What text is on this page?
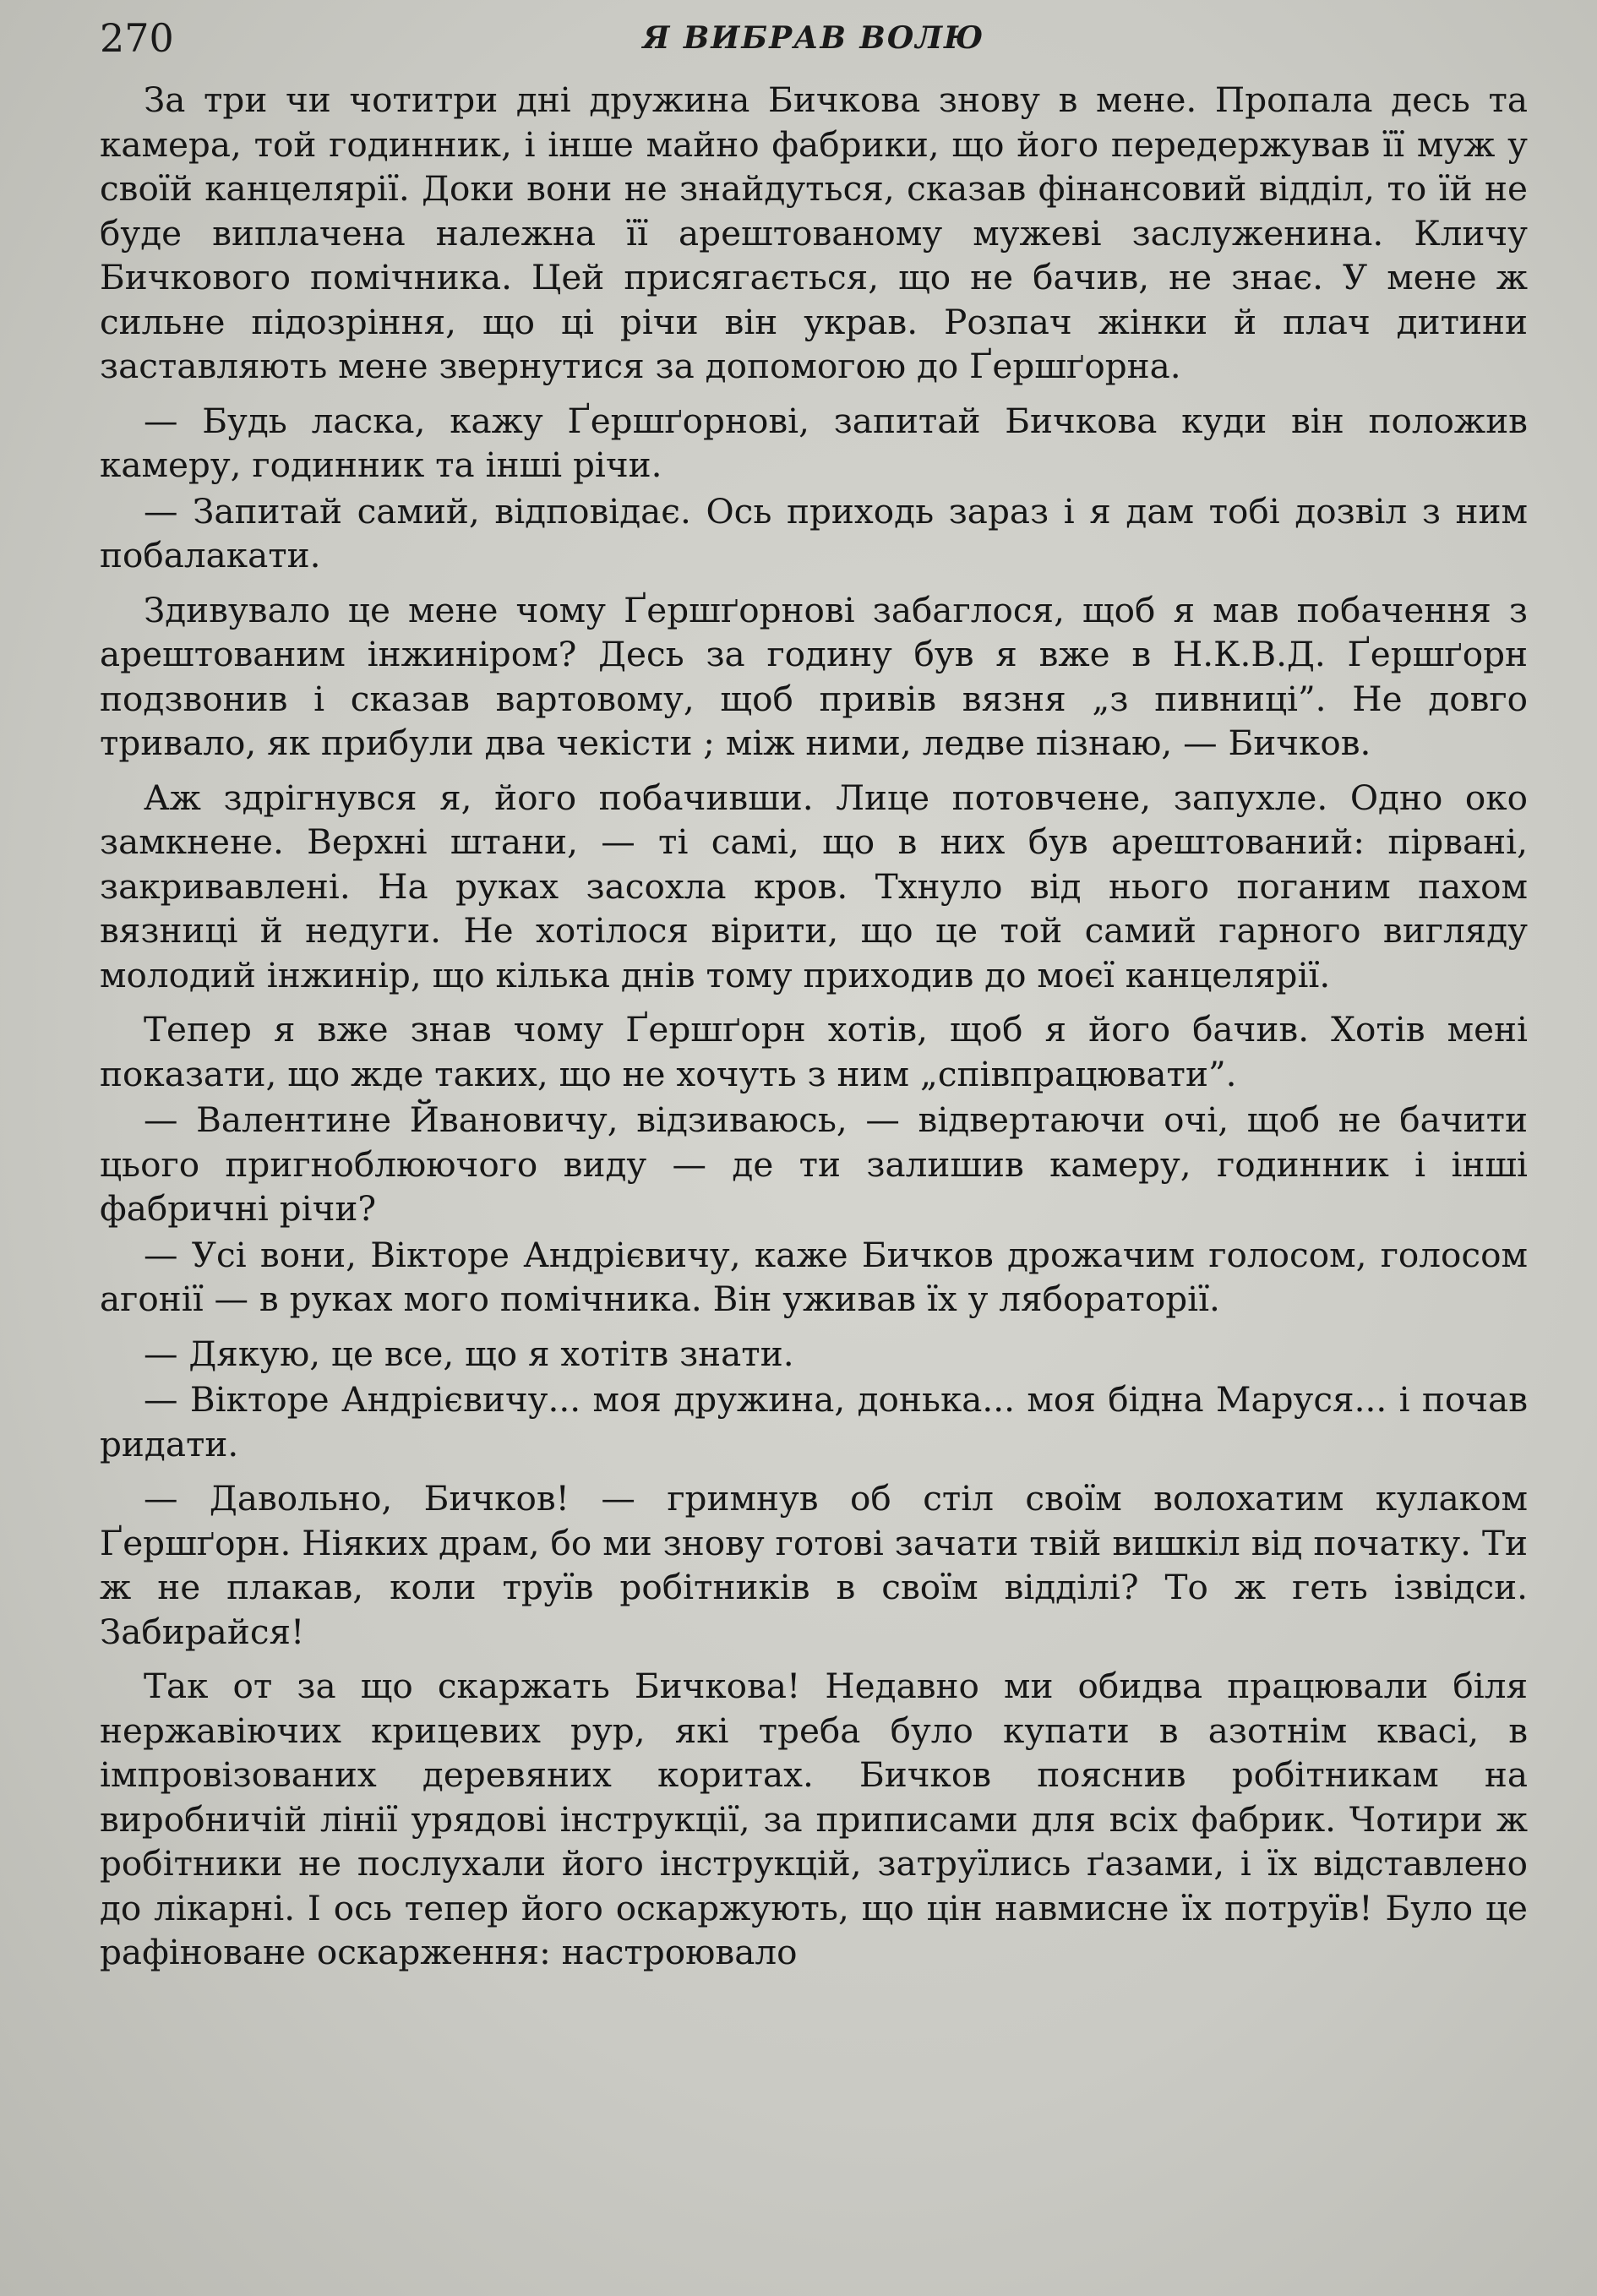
270	Я ВИБРАВ ВОЛЮ

За три чи чотитри дні дружина Бичкова знову в мене. Пропала десь та камера, той годинник, і інше майно фабрики, що його передержував її муж у своїй канцелярії. Доки вони не знайдуться, сказав фінансовий відділ, то їй не буде виплачена належна її арештованому мужеві заслуженина. Кличу Бичкового помічника. Цей присягається, що не бачив, не знає. У мене ж сильне підозріння, що ці річи він украв. Розпач жінки й плач дитини заставляють мене звернутися за допомогою до Ґершґорна.

— Будь ласка, кажу Ґершґорнові, запитай Бичкова куди він положив камеру, годинник та інші річи.

— Запитай самий, відповідає. Ось приходь зараз і я дам тобі дозвіл з ним побалакати.

Здивувало це мене чому Ґершґорнові забаглося, щоб я мав побачення з арештованим інжиніром? Десь за годину був я вже в Н.К.В.Д. Ґершґорн подзвонив і сказав вартовому, щоб привів вязня „з пивниці”. Не довго тривало, як прибули два чекісти ; між ними, ледве пізнаю, — Бичков.

Аж здрігнувся я, його побачивши. Лице потовчене, запухле. Одно око замкнене. Верхні штани, — ті самі, що в них був арештований: пірвані, закривавлені. На руках засохла кров. Тхнуло від нього поганим пахом вязниці й недуги. Не хотілося вірити, що це той самий гарного вигляду молодий інжинір, що кілька днів тому приходив до моєї канцелярії.

Тепер я вже знав чому Ґершґорн хотів, щоб я його бачив. Хотів мені показати, що жде таких, що не хочуть з ним „співпрацювати”.

— Валентине Йвановичу, відзиваюсь, — відвертаючи очі, щоб не бачити цього пригноблюючого виду — де ти залишив камеру, годинник і інші фабричні річи?

— Усі вони, Вікторе Андрієвичу, каже Бичков дрожачим голосом, голосом агонії — в руках мого помічника. Він уживав їх у лябораторії.

— Дякую, це все, що я хотітв знати.

— Вікторе Андрієвичу... моя дружина, донька... моя бідна Маруся... і почав ридати.

— Давольно, Бичков! — гримнув об стіл своїм волохатим кулаком Ґершґорн. Ніяких драм, бо ми знову готові зачати твій вишкіл від початку. Ти ж не плакав, коли труїв робітників в своїм відділі? То ж геть ізвідси. Забирайся!

Так от за що скаржать Бичкова! Недавно ми обидва працювали біля нержавіючих крицевих рур, які треба було купати в азотнім квасі, в імпровізованих деревяних коритах. Бичков пояснив робітникам на виробничій лінії урядові інструкції, за приписами для всіх фабрик. Чотири ж робітники не послухали його інструкцій, затруїлись ґазами, і їх відставлено до лікарні. І ось тепер його оскаржують, що цін навмисне їх потруїв! Було це рафіноване оскарження: настроювало
